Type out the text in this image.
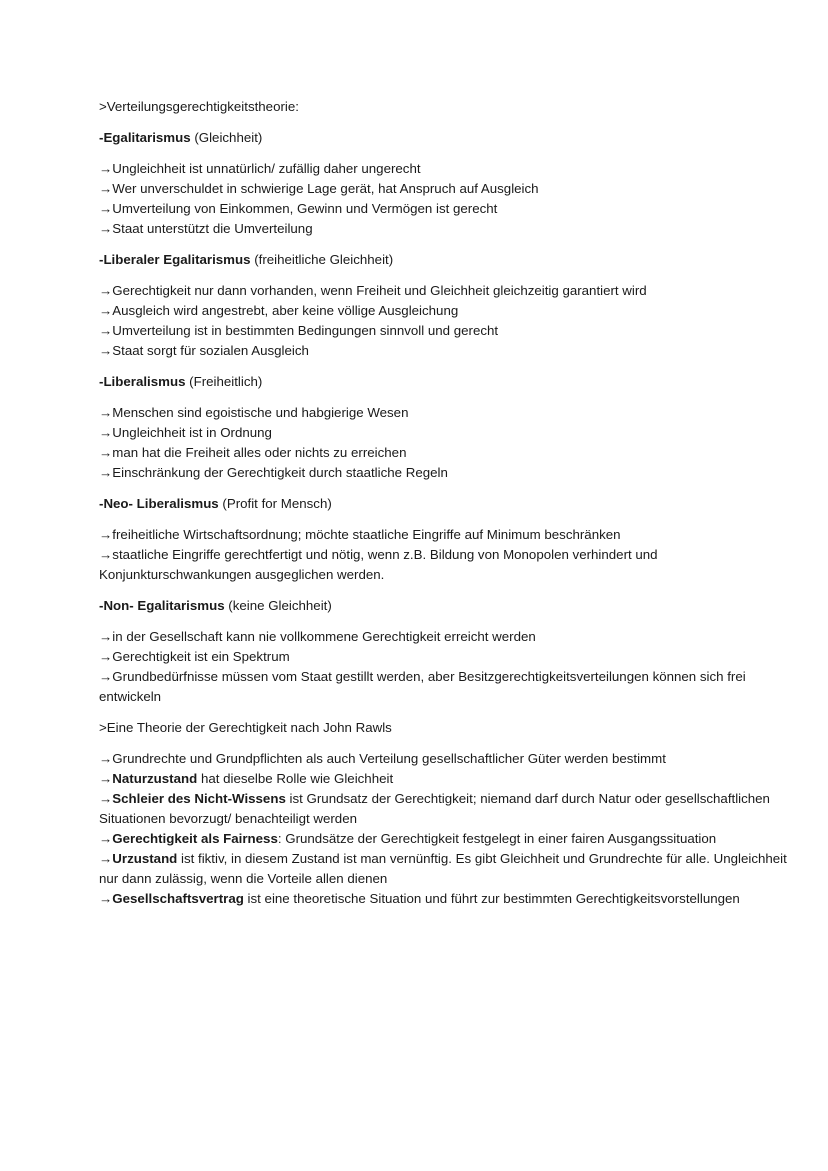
>Verteilungsgerechtigkeitstheorie:

-Egalitarismus (Gleichheit)

→Ungleichheit ist unnatürlich/ zufällig daher ungerecht

→Wer unverschuldet in schwierige Lage gerät, hat Anspruch auf Ausgleich

→Umverteilung von Einkommen, Gewinn und Vermögen ist gerecht

→Staat unterstützt die Umverteilung

-Liberaler Egalitarismus (freiheitliche Gleichheit)

→Gerechtigkeit nur dann vorhanden, wenn Freiheit und Gleichheit gleichzeitig garantiert wird

→Ausgleich wird angestrebt, aber keine völlige Ausgleichung

→Umverteilung ist in bestimmten Bedingungen sinnvoll und gerecht

→Staat sorgt für sozialen Ausgleich

-Liberalismus (Freiheitlich)

→Menschen sind egoistische und habgierige Wesen

→Ungleichheit ist in Ordnung

→man hat die Freiheit alles oder nichts zu erreichen

→Einschränkung der Gerechtigkeit durch staatliche Regeln

-Neo- Liberalismus (Profit for Mensch)

→freiheitliche Wirtschaftsordnung; möchte staatliche Eingriffe auf Minimum beschränken

→staatliche Eingriffe gerechtfertigt und nötig, wenn z.B. Bildung von Monopolen verhindert und Konjunkturschwankungen ausgeglichen werden.

-Non- Egalitarismus (keine Gleichheit)

→in der Gesellschaft kann nie vollkommene Gerechtigkeit erreicht werden

→Gerechtigkeit ist ein Spektrum

→Grundbedürfnisse müssen vom Staat gestillt werden, aber Besitzgerechtigkeitsverteilungen können sich frei entwickeln

>Eine Theorie der Gerechtigkeit nach John Rawls

→Grundrechte und Grundpflichten als auch Verteilung gesellschaftlicher Güter werden bestimmt

→Naturzustand hat dieselbe Rolle wie Gleichheit

→Schleier des Nicht-Wissens ist Grundsatz der Gerechtigkeit; niemand darf durch Natur oder gesellschaftlichen Situationen bevorzugt/ benachteiligt werden

→Gerechtigkeit als Fairness: Grundsätze der Gerechtigkeit festgelegt in einer fairen Ausgangssituation

→Urzustand ist fiktiv, in diesem Zustand ist man vernünftig. Es gibt Gleichheit und Grundrechte für alle. Ungleichheit nur dann zulässig, wenn die Vorteile allen dienen

→Gesellschaftsvertrag ist eine theoretische Situation und führt zur bestimmten Gerechtigkeitsvorstellungen
